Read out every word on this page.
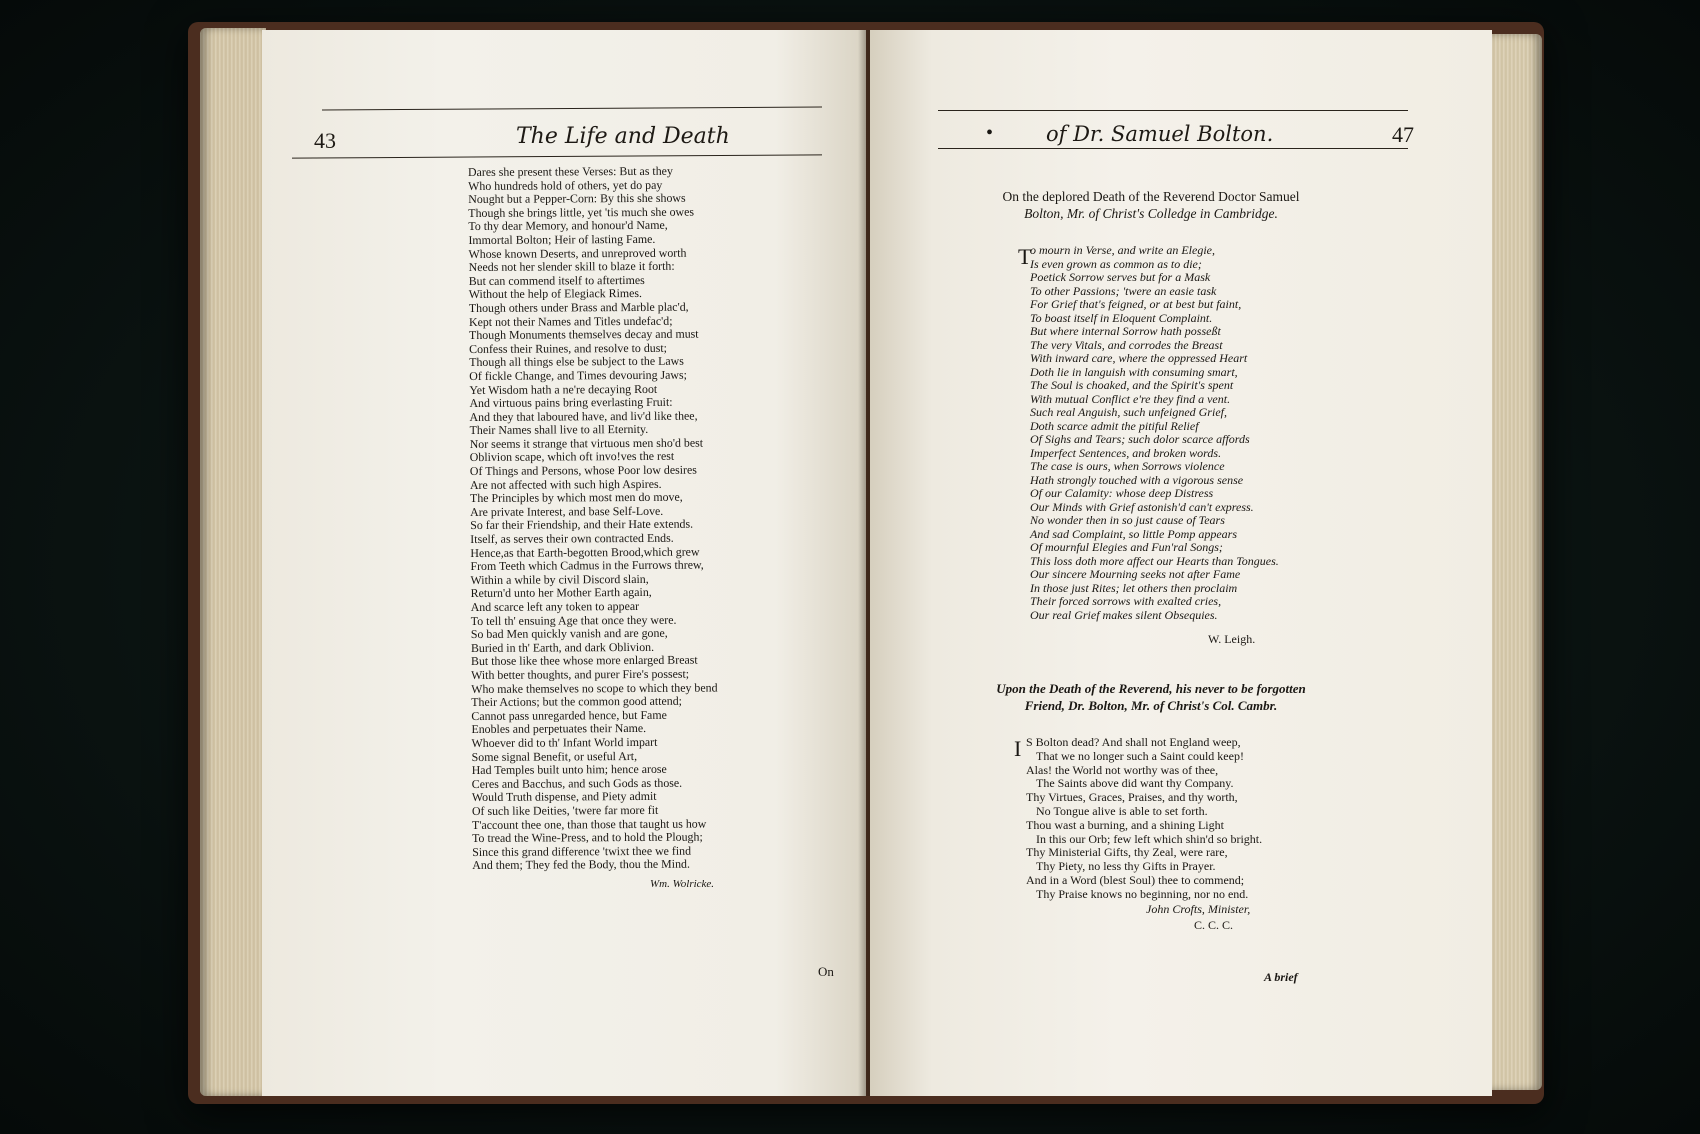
43	The Life and Death
Dares she present these Verses: But as they
Who hundreds hold of others, yet do pay
Nought but a Pepper-Corn: By this she shows
Though she brings little, yet 'tis much she owes
To thy dear Memory, and honour'd Name,
Immortal Bolton; Heir of lasting Fame.
Whose known Deserts, and unreproved worth
Needs not her slender skill to blaze it forth:
But can commend itself to aftertimes
Without the help of Elegiack Rimes.
Though others under Brass and Marble plac'd,
Kept not their Names and Titles undefac'd;
Though Monuments themselves decay and must
Confess their Ruines, and resolve to dust;
Though all things else be subject to the Laws
Of fickle Change, and Times devouring Jaws;
Yet Wisdom hath a ne're decaying Root
And virtuous pains bring everlasting Fruit:
And they that laboured have, and liv'd like thee,
Their Names shall live to all Eternity.
Nor seems it strange that virtuous men sho'd best
Oblivion scape, which oft invo!ves the rest
Of Things and Persons, whose Poor low desires
Are not affected with such high Aspires.
The Principles by which most men do move,
Are private Interest, and base Self-Love.
So far their Friendship, and their Hate extends.
Itself, as serves their own contracted Ends.
Hence,as that Earth-begotten Brood,which grew
From Teeth which Cadmus in the Furrows threw,
Within a while by civil Discord slain,
Return'd unto her Mother Earth again,
And scarce left any token to appear
To tell th' ensuing Age that once they were.
So bad Men quickly vanish and are gone,
Buried in th' Earth, and dark Oblivion.
But those like thee whose more enlarged Breast
With better thoughts, and purer Fire's possest;
Who make themselves no scope to which they bend
Their Actions; but the common good attend;
Cannot pass unregarded hence, but Fame
Enobles and perpetuates their Name.
Whoever did to th' Infant World impart
Some signal Benefit, or useful Art,
Had Temples built unto him; hence arose
Ceres and Bacchus, and such Gods as those.
Would Truth dispense, and Piety admit
Of such like Deities, 'twere far more fit
T'account thee one, than those that taught us how
To tread the Wine-Press, and to hold the Plough;
Since this grand difference 'twixt thee we find
And them; They fed the Body, thou the Mind.
Wm. Wolricke.
On
of Dr. Samuel Bolton.	47
•
On the deplored Death of the Reverend Doctor Samuel
Bolton, Mr. of Christ's Colledge in Cambridge.
T
o mourn in Verse, and write an Elegie,
Is even grown as common as to die;
Poetick Sorrow serves but for a Mask
To other Passions; 'twere an easie task
For Grief that's feigned, or at best but faint,
To boast itself in Eloquent Complaint.
But where internal Sorrow hath posseßt
The very Vitals, and corrodes the Breast
With inward care, where the oppressed Heart
Doth lie in languish with consuming smart,
The Soul is choaked, and the Spirit's spent
With mutual Conflict e're they find a vent.
Such real Anguish, such unfeigned Grief,
Doth scarce admit the pitiful Relief
Of Sighs and Tears; such dolor scarce affords
Imperfect Sentences, and broken words.
The case is ours, when Sorrows violence
Hath strongly touched with a vigorous sense
Of our Calamity: whose deep Distress
Our Minds with Grief astonish'd can't express.
No wonder then in so just cause of Tears
And sad Complaint, so little Pomp appears
Of mournful Elegies and Fun'ral Songs;
This loss doth more affect our Hearts than Tongues.
Our sincere Mourning seeks not after Fame
In those just Rites; let others then proclaim
Their forced sorrows with exalted cries,
Our real Grief makes silent Obsequies.
W. Leigh.
Upon the Death of the Reverend, his never to be forgotten
Friend, Dr. Bolton, Mr. of Christ's Col. Cambr.
I S Bolton dead? And shall not England weep,
That we no longer such a Saint could keep!
Alas! the World not worthy was of thee,
The Saints above did want thy Company.
Thy Virtues, Graces, Praises, and thy worth,
No Tongue alive is able to set forth.
Thou wast a burning, and a shining Light
In this our Orb; few left which shin'd so bright.
Thy Ministerial Gifts, thy Zeal, were rare,
Thy Piety, no less thy Gifts in Prayer.
And in a Word (blest Soul) thee to commend;
Thy Praise knows no beginning, nor no end.
John Crofts, Minister,
C. C. C.
A brief
